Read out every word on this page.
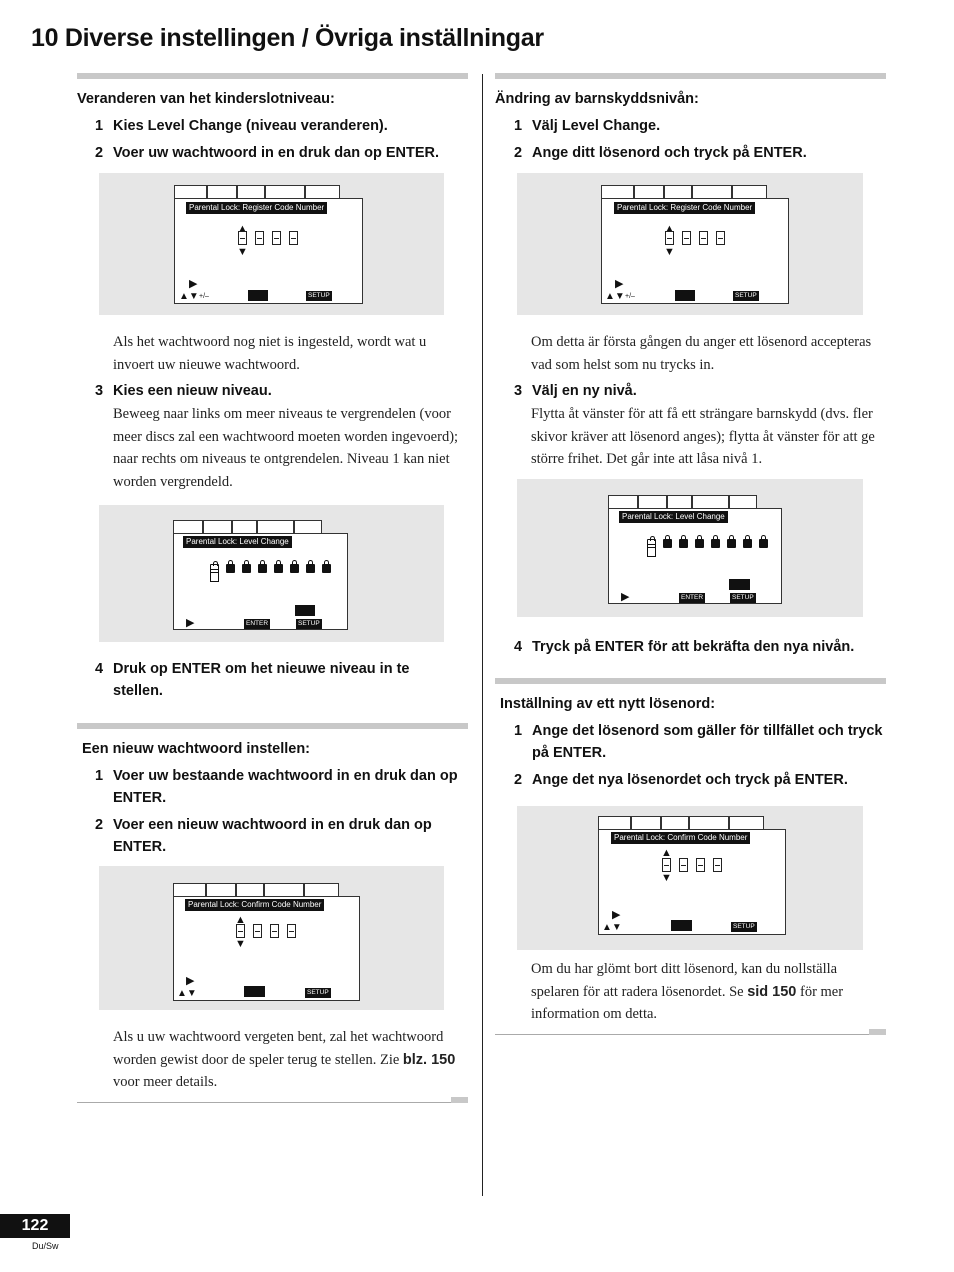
10 Diverse instellingen / Övriga inställningar
Veranderen van het kinderslotniveau:
1 Kies Level Change (niveau veranderen).
2 Voer uw wachtwoord in en druk dan op ENTER.
Parental Lock: Register Code Number
▲
▼
▶
▲▼ +/–	SETUP
Als het wachtwoord nog niet is ingesteld, wordt wat u invoert uw nieuwe wachtwoord.
3 Kies een nieuw niveau.
Beweeg naar links om meer niveaus te vergrendelen (voor meer discs zal een wachtwoord moeten worden ingevoerd); naar rechts om niveaus te ontgrendelen. Niveau 1 kan niet worden vergrendeld.
Parental Lock: Level Change
▶	ENTER	SETUP
4 Druk op ENTER om het nieuwe niveau in te stellen.
Een nieuw wachtwoord instellen:
1 Voer uw bestaande wachtwoord in en druk dan op ENTER.
2 Voer een nieuw wachtwoord in en druk dan op ENTER.
Parental Lock: Confirm Code Number
▲
▼
▶
▲▼	SETUP
Als u uw wachtwoord vergeten bent, zal het wachtwoord worden gewist door de speler terug te stellen. Zie blz. 150 voor meer details.
Ändring av barnskyddsnivån:
1 Välj Level Change.
2 Ange ditt lösenord och tryck på ENTER.
Parental Lock: Register Code Number
▲
▼
▶
▲▼ +/–	SETUP
Om detta är första gången du anger ett lösenord accepteras vad som helst som nu trycks in.
3 Välj en ny nivå.
Flytta åt vänster för att få ett strängare barnskydd (dvs. fler skivor kräver att lösenord anges); flytta åt vänster för att ge större frihet. Det går inte att låsa nivå 1.
Parental Lock: Level Change
▶	ENTER	SETUP
4 Tryck på ENTER för att bekräfta den nya nivån.
Inställning av ett nytt lösenord:
1 Ange det lösenord som gäller för tillfället och tryck på ENTER.
2 Ange det nya lösenordet och tryck på ENTER.
Parental Lock: Confirm Code Number
▲
▼
▶
▲▼	SETUP
Om du har glömt bort ditt lösenord, kan du nollställa spelaren för att radera lösenordet. Se sid 150 för mer information om detta.
122
Du/Sw
